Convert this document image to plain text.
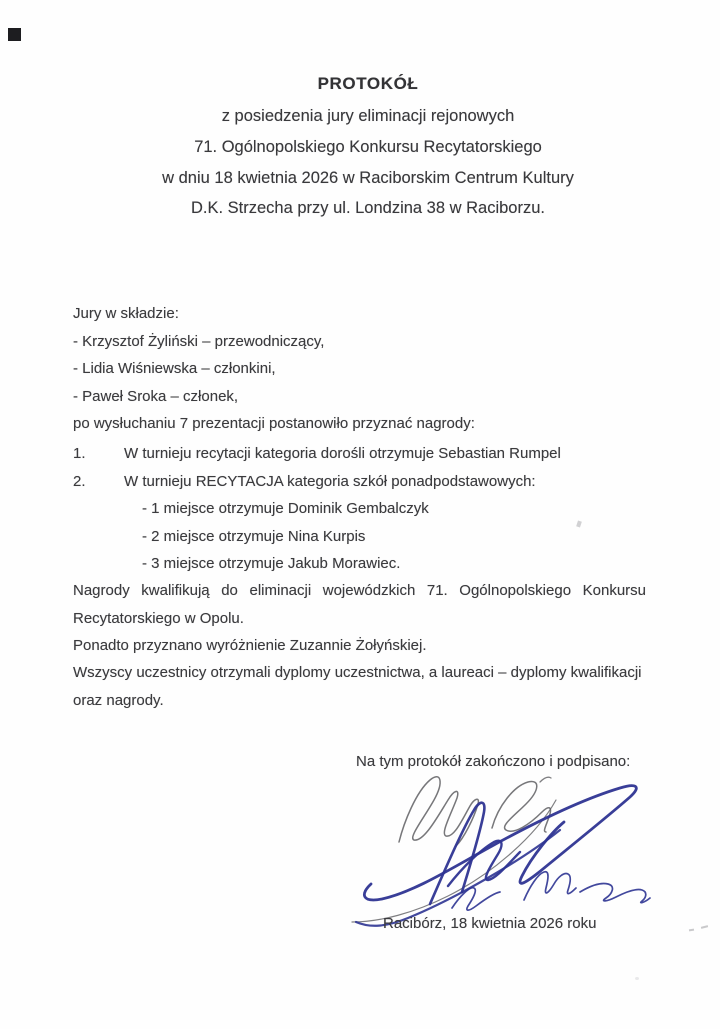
PROTOKÓŁ
z posiedzenia jury eliminacji rejonowych
71. Ogólnopolskiego Konkursu Recytatorskiego
w dniu 18 kwietnia 2026 w Raciborskim Centrum Kultury
D.K. Strzecha przy ul. Londzina 38 w Raciborzu.
Jury w składzie:
- Krzysztof Żyliński – przewodniczący,
- Lidia Wiśniewska – członkini,
- Paweł Sroka – członek,
po wysłuchaniu 7 prezentacji postanowiło przyznać nagrody:
1.	W turnieju recytacji kategoria dorośli otrzymuje Sebastian Rumpel
2.	W turnieju RECYTACJA kategoria szkół ponadpodstawowych:
- 1 miejsce otrzymuje Dominik Gembalczyk
- 2 miejsce otrzymuje Nina Kurpis
- 3 miejsce otrzymuje Jakub Morawiec.
Nagrody kwalifikują do eliminacji wojewódzkich 71. Ogólnopolskiego Konkursu
Recytatorskiego w Opolu.
Ponadto przyznano wyróżnienie Zuzannie Żołyńskiej.
Wszyscy uczestnicy otrzymali dyplomy uczestnictwa, a laureaci – dyplomy kwalifikacji
oraz nagrody.
Na tym protokół zakończono i podpisano:
Racibórz, 18 kwietnia 2026 roku
